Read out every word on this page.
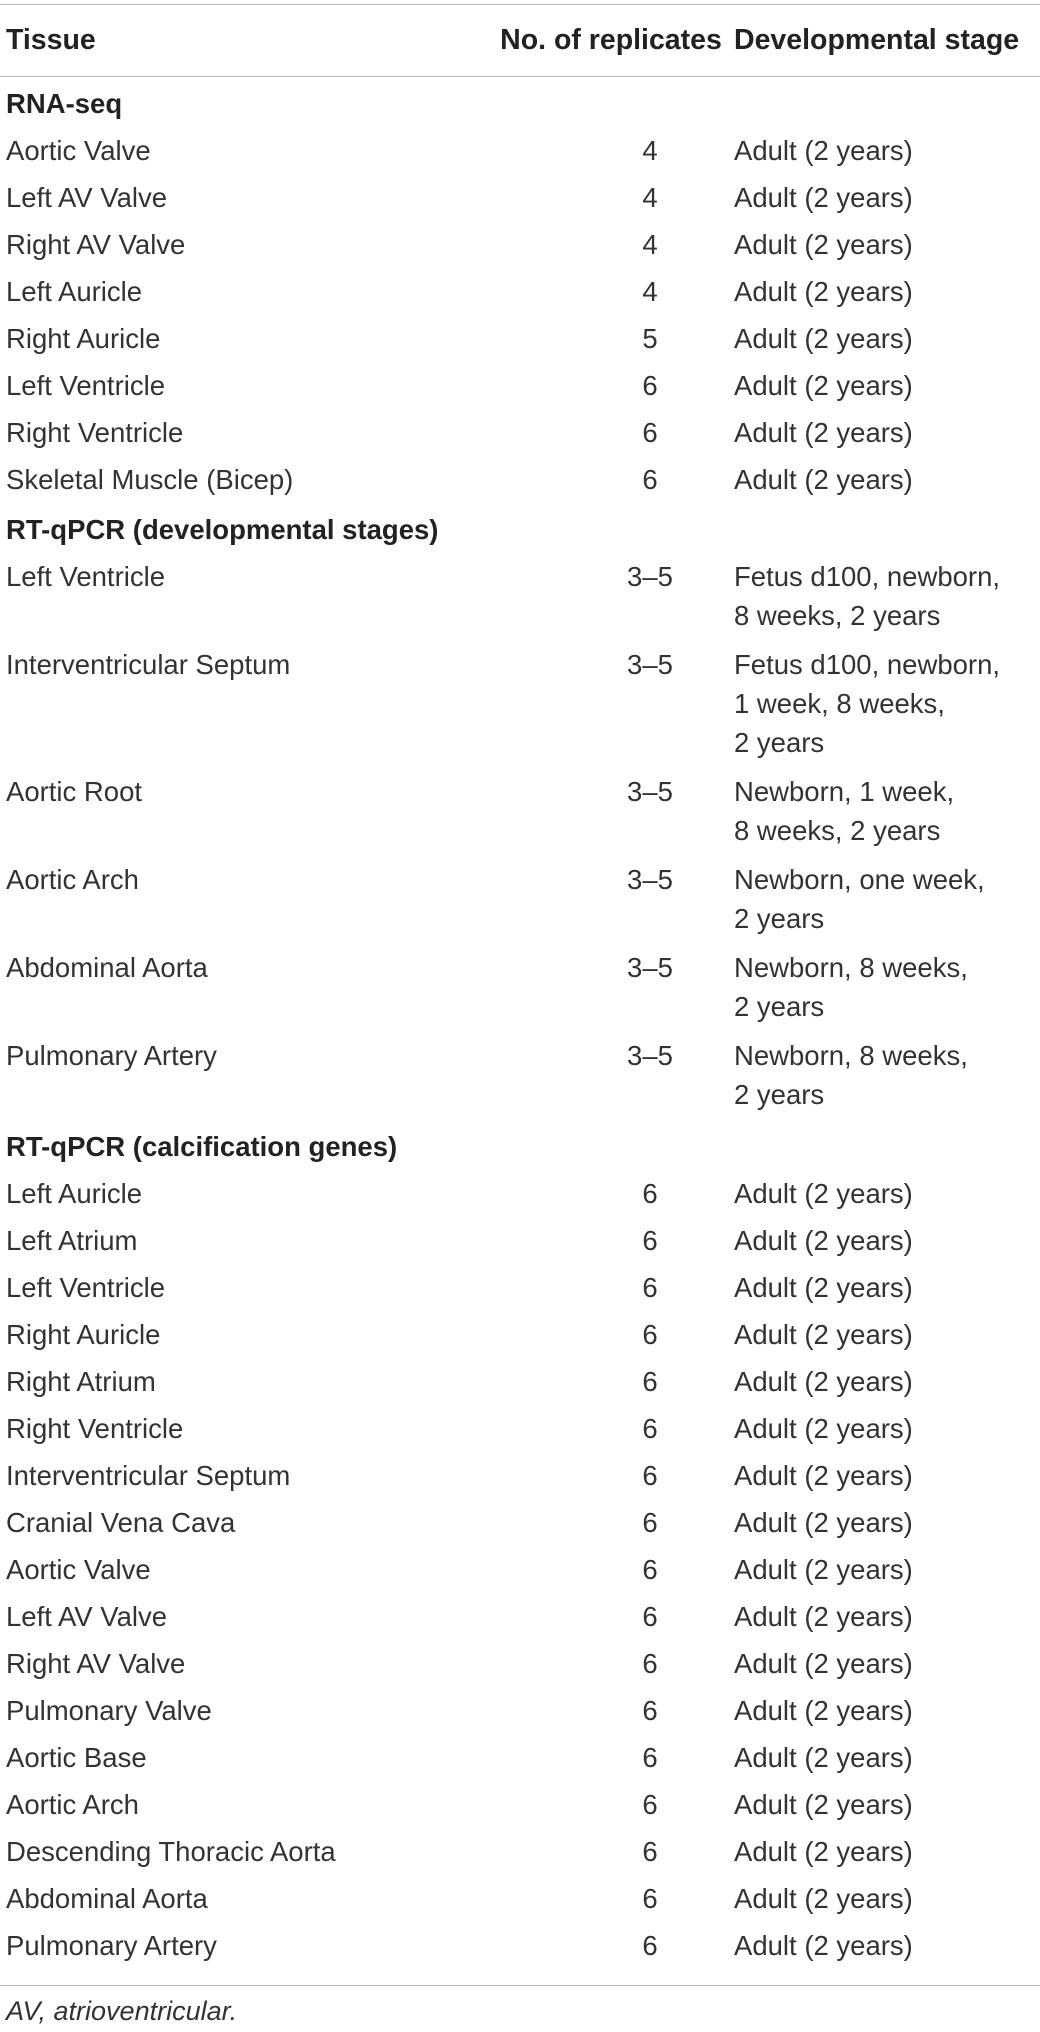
Tissue	No. of replicates	Developmental stage
RNA-seq		
Aortic Valve	4	Adult (2 years)
Left AV Valve	4	Adult (2 years)
Right AV Valve	4	Adult (2 years)
Left Auricle	4	Adult (2 years)
Right Auricle	5	Adult (2 years)
Left Ventricle	6	Adult (2 years)
Right Ventricle	6	Adult (2 years)
Skeletal Muscle (Bicep)	6	Adult (2 years)
RT-qPCR (developmental stages)		
Left Ventricle	3–5	Fetus d100, newborn,
8 weeks, 2 years

Interventricular Septum	3–5	Fetus d100, newborn,
1 week, 8 weeks,
2 years

Aortic Root	3–5	Newborn, 1 week,
8 weeks, 2 years

Aortic Arch	3–5	Newborn, one week,
2 years

Abdominal Aorta	3–5	Newborn, 8 weeks,
2 years

Pulmonary Artery	3–5	Newborn, 8 weeks,
2 years

RT-qPCR (calcification genes)		
Left Auricle	6	Adult (2 years)
Left Atrium	6	Adult (2 years)
Left Ventricle	6	Adult (2 years)
Right Auricle	6	Adult (2 years)
Right Atrium	6	Adult (2 years)
Right Ventricle	6	Adult (2 years)
Interventricular Septum	6	Adult (2 years)
Cranial Vena Cava	6	Adult (2 years)
Aortic Valve	6	Adult (2 years)
Left AV Valve	6	Adult (2 years)
Right AV Valve	6	Adult (2 years)
Pulmonary Valve	6	Adult (2 years)
Aortic Base	6	Adult (2 years)
Aortic Arch	6	Adult (2 years)
Descending Thoracic Aorta	6	Adult (2 years)
Abdominal Aorta	6	Adult (2 years)
Pulmonary Artery	6	Adult (2 years)
AV, atrioventricular.
